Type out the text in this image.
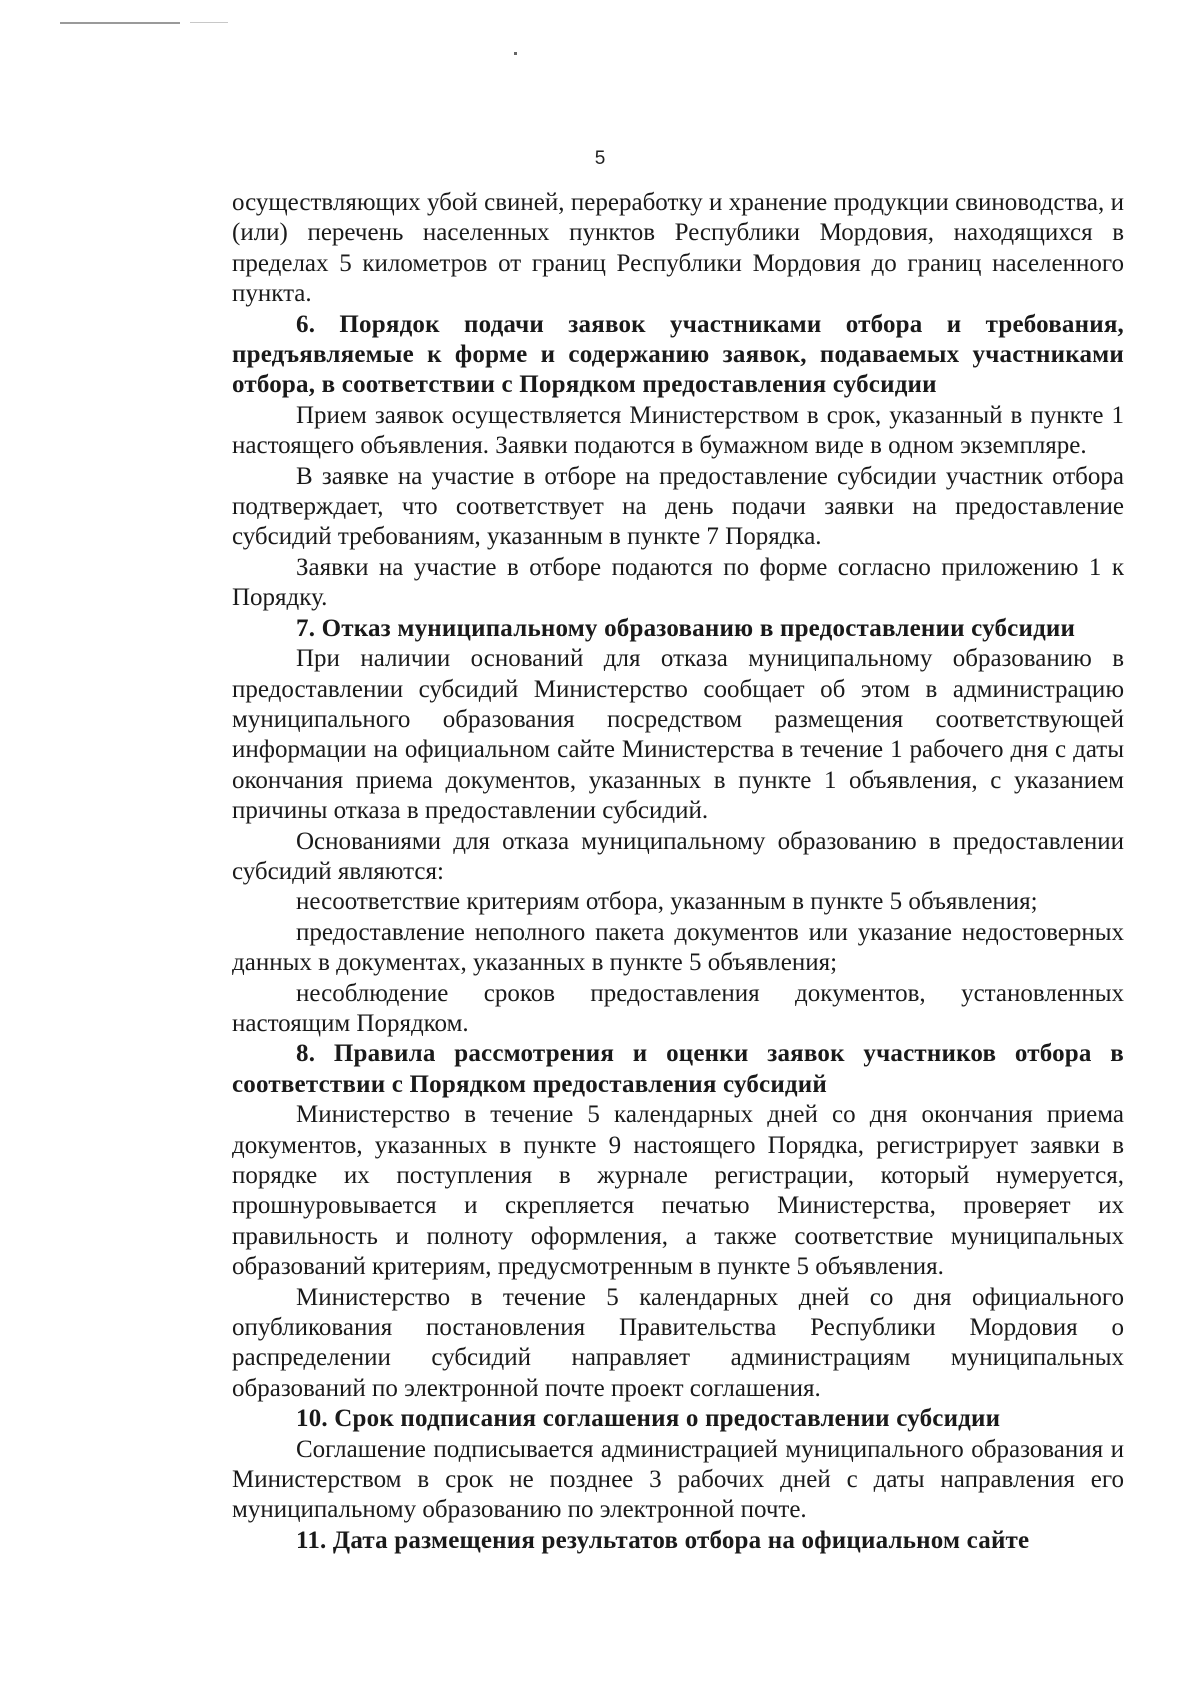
5

осуществляющих убой свиней, переработку и хранение продукции свиноводства, и (или) перечень населенных пунктов Республики Мордовия, находящихся в пределах 5 километров от границ Республики Мордовия до границ населенного пункта.

6. Порядок подачи заявок участниками отбора и требования, предъявляемые к форме и содержанию заявок, подаваемых участниками отбора, в соответствии с Порядком предоставления субсидии

Прием заявок осуществляется Министерством в срок, указанный в пункте 1 настоящего объявления. Заявки подаются в бумажном виде в одном экземпляре.

В заявке на участие в отборе на предоставление субсидии участник отбора подтверждает, что соответствует на день подачи заявки на предоставление субсидий требованиям, указанным в пункте 7 Порядка.

Заявки на участие в отборе подаются по форме согласно приложению 1 к Порядку.

7. Отказ муниципальному образованию в предоставлении субсидии

При наличии оснований для отказа муниципальному образованию в предоставлении субсидий Министерство сообщает об этом в администрацию муниципального образования посредством размещения соответствующей информации на официальном сайте Министерства в течение 1 рабочего дня с даты окончания приема документов, указанных в пункте 1 объявления, с указанием причины отказа в предоставлении субсидий.

Основаниями для отказа муниципальному образованию в предоставлении субсидий являются:

несоответствие критериям отбора, указанным в пункте 5 объявления;

предоставление неполного пакета документов или указание недостоверных данных в документах, указанных в пункте 5 объявления;

несоблюдение сроков предоставления документов, установленных настоящим Порядком.

8. Правила рассмотрения и оценки заявок участников отбора в соответствии с Порядком предоставления субсидий

Министерство в течение 5 календарных дней со дня окончания приема документов, указанных в пункте 9 настоящего Порядка, регистрирует заявки в порядке их поступления в журнале регистрации, который нумеруется, прошнуровывается и скрепляется печатью Министерства, проверяет их правильность и полноту оформления, а также соответствие муниципальных образований критериям, предусмотренным в пункте 5 объявления.

Министерство в течение 5 календарных дней со дня официального опубликования постановления Правительства Республики Мордовия о распределении субсидий направляет администрациям муниципальных образований по электронной почте проект соглашения.

10. Срок подписания соглашения о предоставлении субсидии

Соглашение подписывается администрацией муниципального образования и Министерством в срок не позднее 3 рабочих дней с даты направления его муниципальному образованию по электронной почте.

11. Дата размещения результатов отбора на официальном сайте
